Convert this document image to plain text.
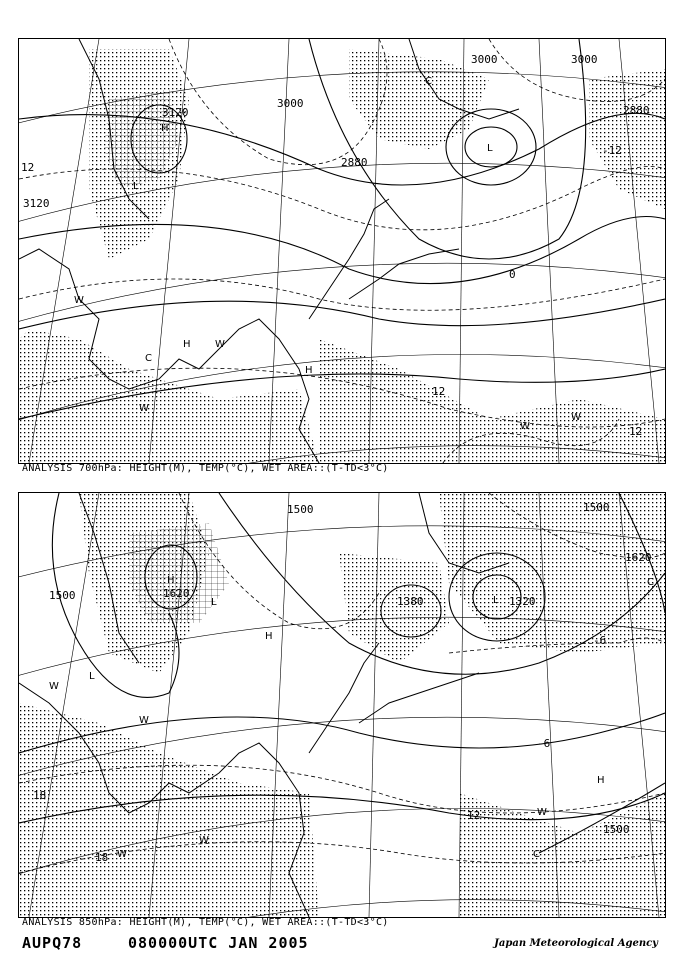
3000
3000
2880
2880
3120
3120
3000
12
12
12
-12
0
H
L
L
H
H
W
W
W
C
C
W
W
ANALYSIS 700hPa: HEIGHT(M), TEMP(°C), WET AREA::(T-TD<3°C)
1500
1500	1500
1500
1380
1620
1320
1620
18
18
12
-6
-6
H
L
L
H
L
H
W
W
W
W
C
W
C
ANALYSIS 850hPa: HEIGHT(M), TEMP(°C), WET AREA::(T-TD<3°C)
AUPQ78	080000UTC JAN 2005	Japan Meteorological Agency
